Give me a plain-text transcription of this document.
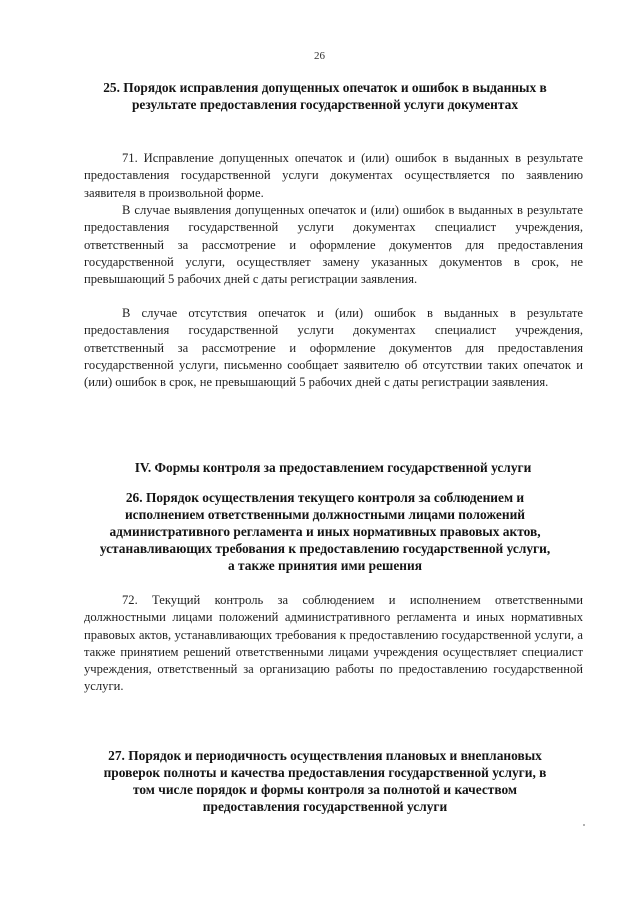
26
25. Порядок исправления допущенных опечаток и ошибок в выданных в результате предоставления государственной услуги документах

71. Исправление допущенных опечаток и (или) ошибок в выданных в результате предоставления государственной услуги документах осуществляется по заявлению заявителя в произвольной форме.

В случае выявления допущенных опечаток и (или) ошибок в выданных в результате предоставления государственной услуги документах специалист учреждения, ответственный за рассмотрение и оформление документов для предоставления государственной услуги, осуществляет замену указанных документов в срок, не превышающий 5 рабочих дней с даты регистрации заявления.

В случае отсутствия опечаток и (или) ошибок в выданных в результате предоставления государственной услуги документах специалист учреждения, ответственный за рассмотрение и оформление документов для предоставления государственной услуги, письменно сообщает заявителю об отсутствии таких опечаток и (или) ошибок в срок, не превышающий 5 рабочих дней с даты регистрации заявления.

IV. Формы контроля за предоставлением государственной услуги
26. Порядок осуществления текущего контроля за соблюдением и исполнением ответственными должностными лицами положений административного регламента и иных нормативных правовых актов, устанавливающих требования к предоставлению государственной услуги, а также принятия ими решения

72. Текущий контроль за соблюдением и исполнением ответственными должностными лицами положений административного регламента и иных нормативных правовых актов, устанавливающих требования к предоставлению государственной услуги, а также принятием решений ответственными лицами учреждения осуществляет специалист учреждения, ответственный за организацию работы по предоставлению государственной услуги.

27. Порядок и периодичность осуществления плановых и внеплановых проверок полноты и качества предоставления государственной услуги, в том числе порядок и формы контроля за полнотой и качеством предоставления государственной услуги
